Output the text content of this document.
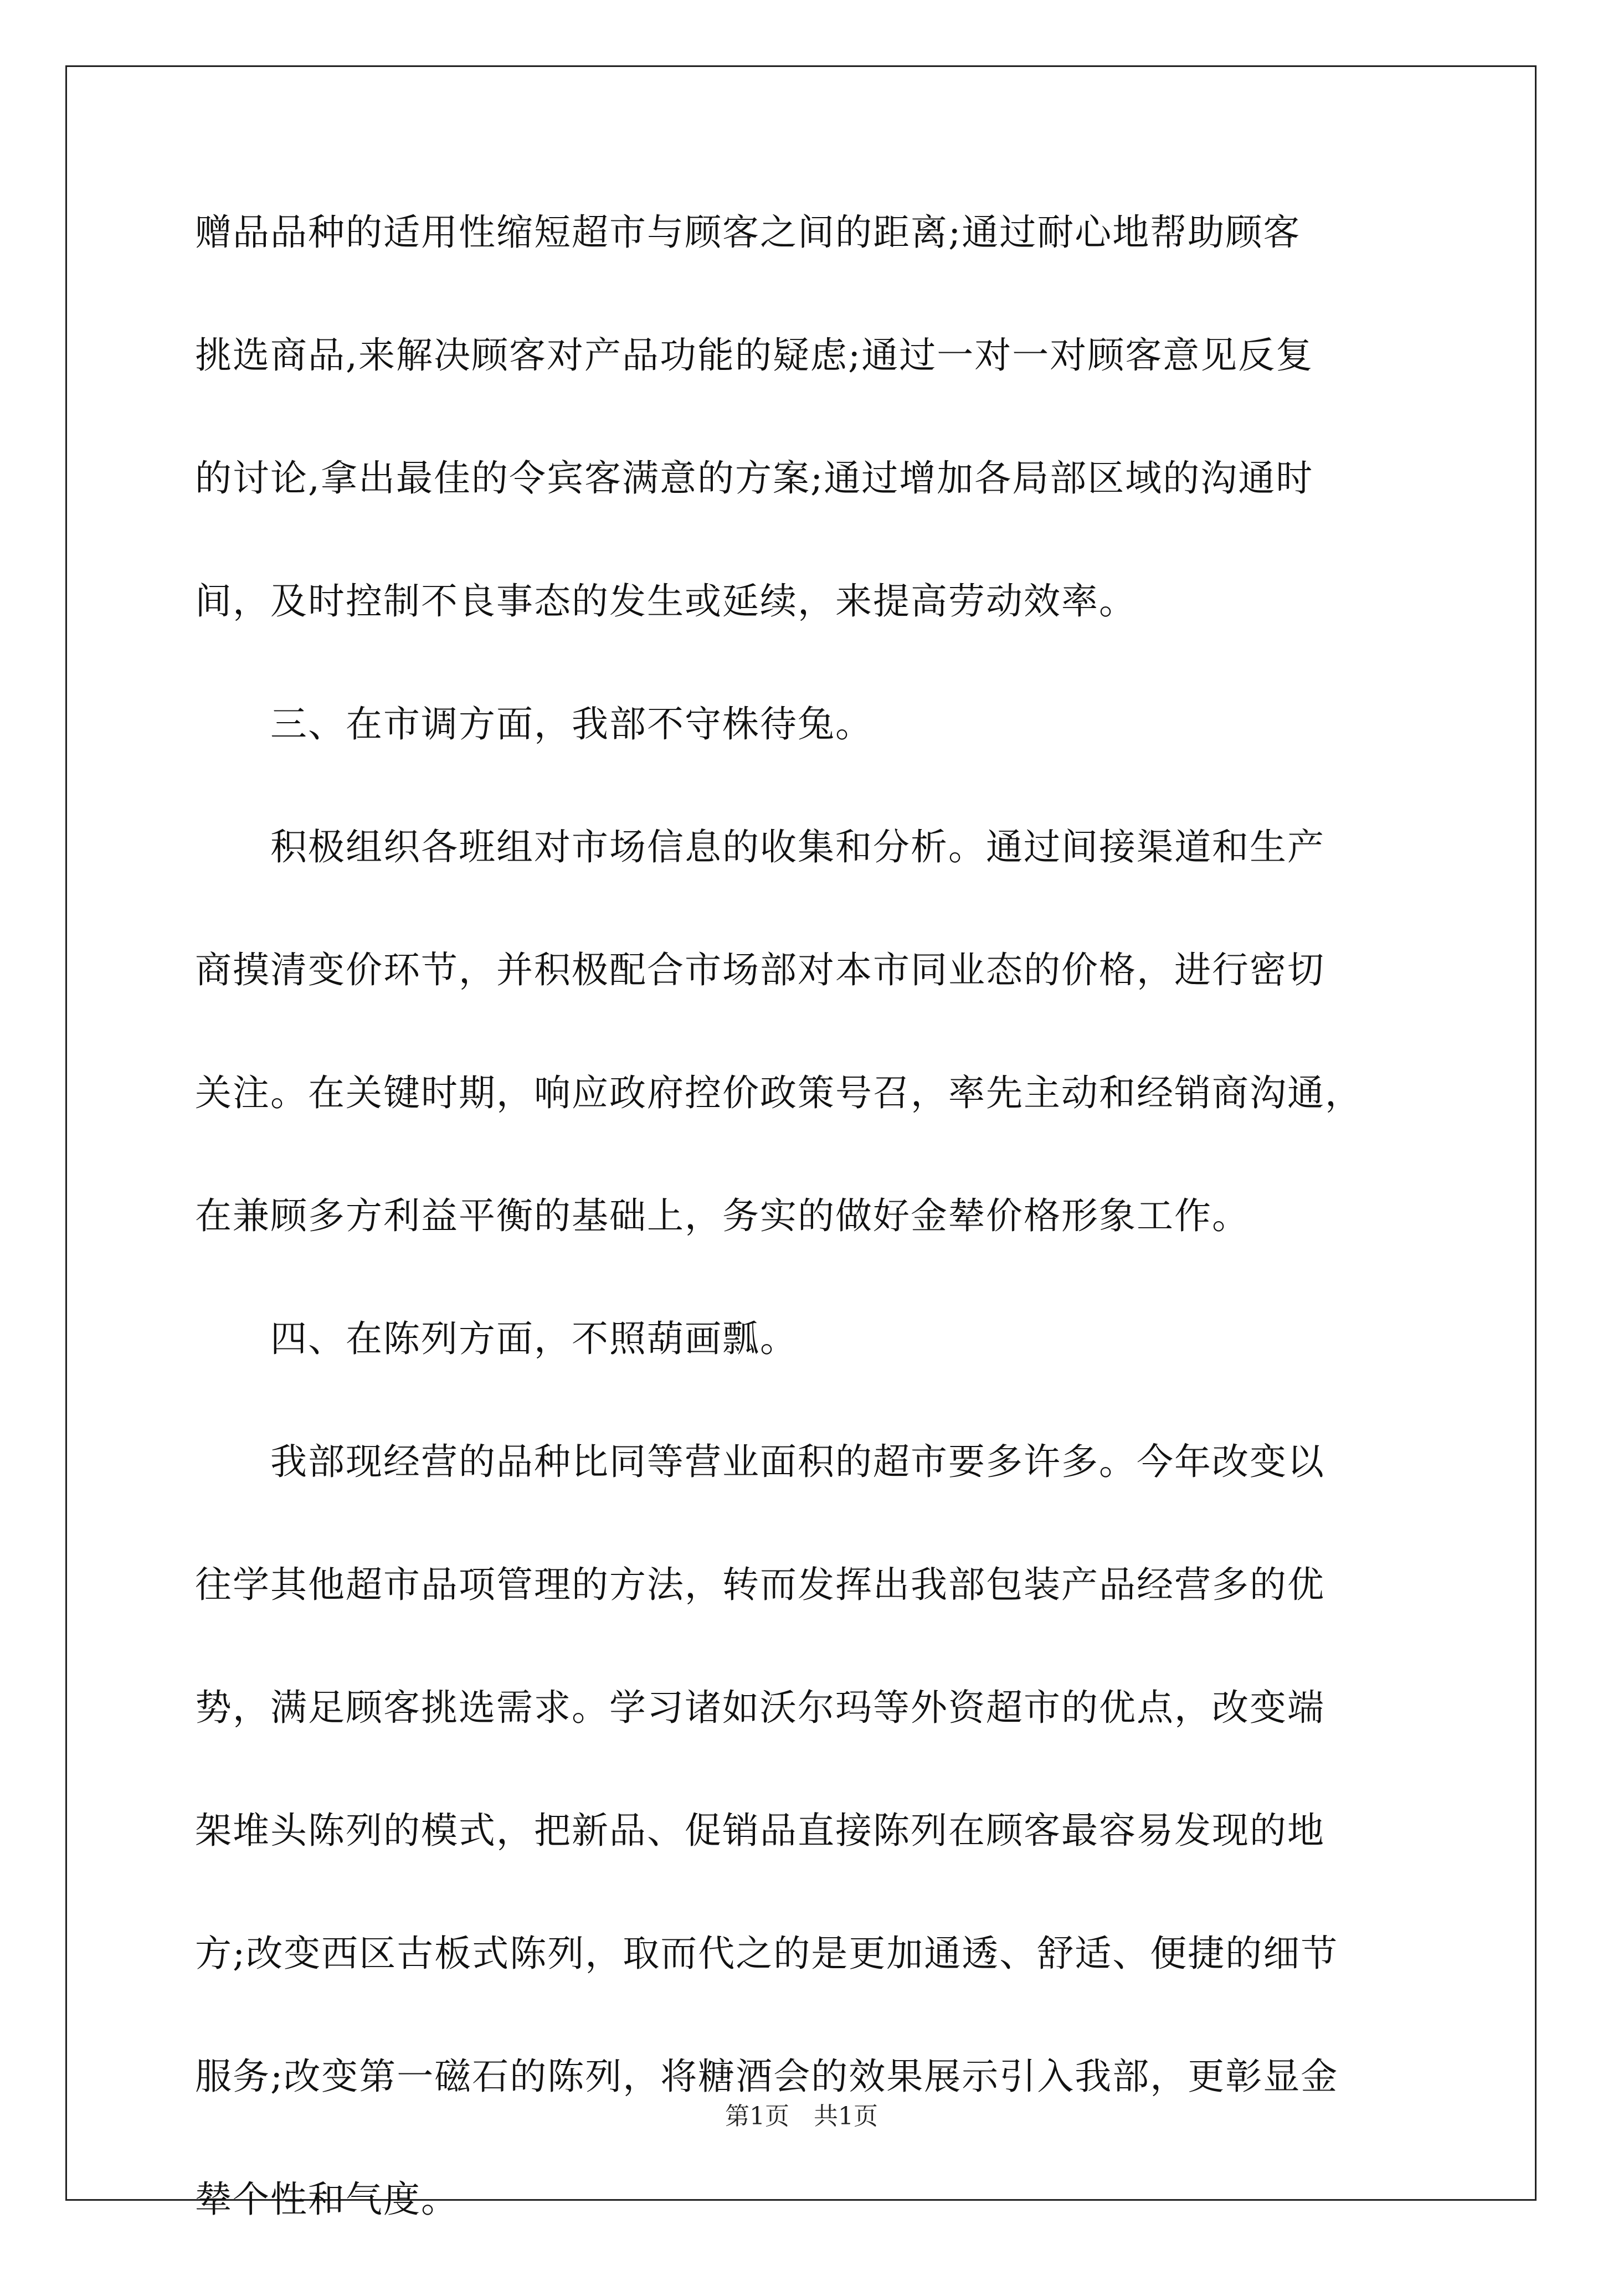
赠品品种的适用性缩短超市与顾客之间的距离;通过耐心地帮助顾客
挑选商品,来解决顾客对产品功能的疑虑;通过一对一对顾客意见反复
的讨论,拿出最佳的令宾客满意的方案;通过增加各局部区域的沟通时
间，及时控制不良事态的发生或延续，来提高劳动效率。
　　三、在市调方面，我部不守株待兔。
　　积极组织各班组对市场信息的收集和分析。通过间接渠道和生产
商摸清变价环节，并积极配合市场部对本市同业态的价格，进行密切
关注。在关键时期，响应政府控价政策号召，率先主动和经销商沟通，
在兼顾多方利益平衡的基础上，务实的做好金辇价格形象工作。
　　四、在陈列方面，不照葫画瓢。
　　我部现经营的品种比同等营业面积的超市要多许多。今年改变以
往学其他超市品项管理的方法，转而发挥出我部包装产品经营多的优
势，满足顾客挑选需求。学习诸如沃尔玛等外资超市的优点，改变端
架堆头陈列的模式，把新品、促销品直接陈列在顾客最容易发现的地
方;改变西区古板式陈列，取而代之的是更加通透、舒适、便捷的细节
服务;改变第一磁石的陈列，将糖酒会的效果展示引入我部，更彰显金
辇个性和气度。
第1页　共1页
